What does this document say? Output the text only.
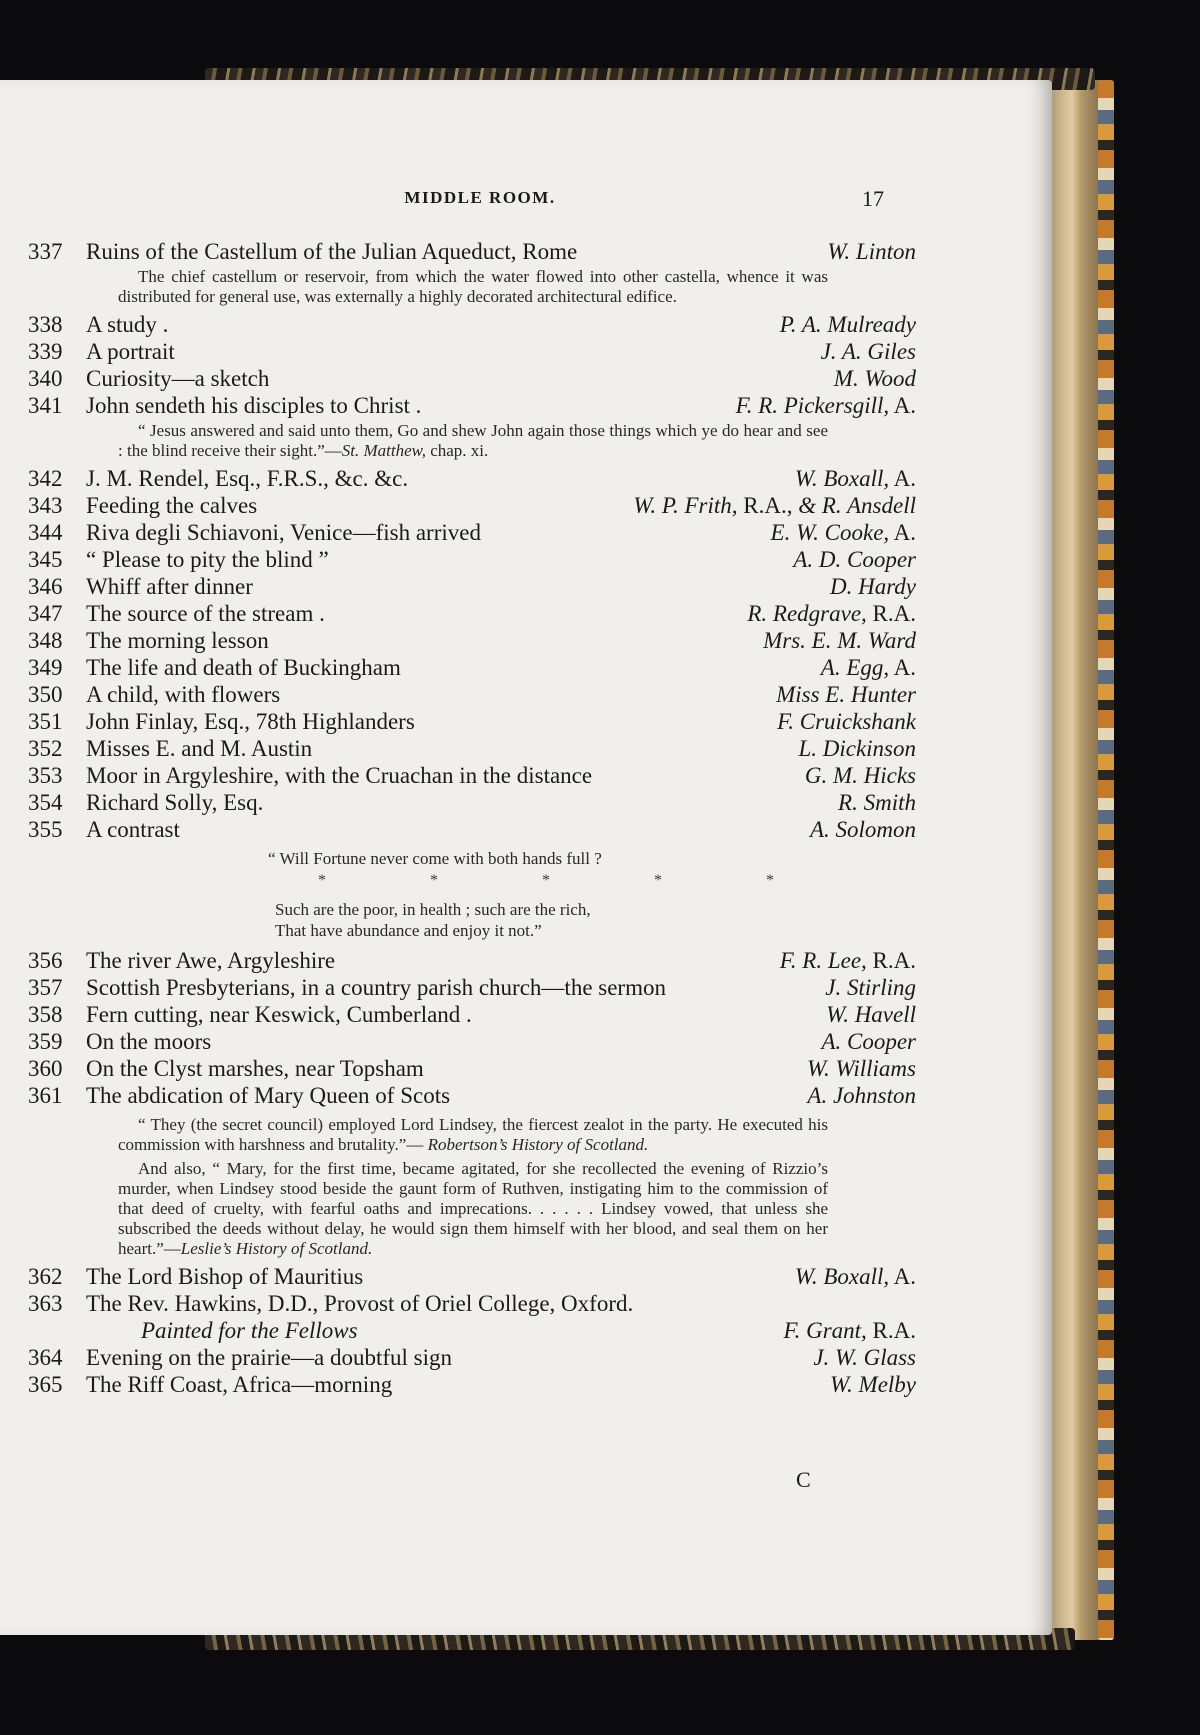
MIDDLE ROOM.	17
337	Ruins of the Castellum of the Julian Aqueduct, Rome	W. Linton
The chief castellum or reservoir, from which the water flowed into other castella, whence it was distributed for general use, was externally a highly decorated architectural edifice.
338	A study .	P. A. Mulready
339	A portrait	J. A. Giles
340	Curiosity—a sketch	M. Wood
341	John sendeth his disciples to Christ .	F. R. Pickersgill, A.
“ Jesus answered and said unto them, Go and shew John again those things which ye do hear and see : the blind receive their sight.”—St. Matthew, chap. xi.
342	J. M. Rendel, Esq., F.R.S., &c. &c.	W. Boxall, A.
343	Feeding the calves	W. P. Frith, R.A., & R. Ansdell
344	Riva degli Schiavoni, Venice—fish arrived	E. W. Cooke, A.
345	“ Please to pity the blind ”	A. D. Cooper
346	Whiff after dinner	D. Hardy
347	The source of the stream .	R. Redgrave, R.A.
348	The morning lesson	Mrs. E. M. Ward
349	The life and death of Buckingham	A. Egg, A.
350	A child, with flowers	Miss E. Hunter
351	John Finlay, Esq., 78th Highlanders	F. Cruickshank
352	Misses E. and M. Austin	L. Dickinson
353	Moor in Argyleshire, with the Cruachan in the distance	G. M. Hicks
354	Richard Solly, Esq.	R. Smith
355	A contrast	A. Solomon
“ Will Fortune never come with both hands full ?
* * * * *
Such are the poor, in health ; such are the rich,
That have abundance and enjoy it not.”
356	The river Awe, Argyleshire	F. R. Lee, R.A.
357	Scottish Presbyterians, in a country parish church—the sermon	J. Stirling
358	Fern cutting, near Keswick, Cumberland .	W. Havell
359	On the moors	A. Cooper
360	On the Clyst marshes, near Topsham	W. Williams
361	The abdication of Mary Queen of Scots	A. Johnston
“ They (the secret council) employed Lord Lindsey, the fiercest zealot in the party. He executed his commission with harshness and brutality.”— Robertson’s History of Scotland.
And also, “ Mary, for the first time, became agitated, for she recollected the evening of Rizzio’s murder, when Lindsey stood beside the gaunt form of Ruthven, instigating him to the commission of that deed of cruelty, with fearful oaths and imprecations. . . . . . Lindsey vowed, that unless she subscribed the deeds without delay, he would sign them himself with her blood, and seal them on her heart.”—Leslie’s History of Scotland.
362	The Lord Bishop of Mauritius	W. Boxall, A.
363	The Rev. Hawkins, D.D., Provost of Oriel College, Oxford.
Painted for the Fellows	F. Grant, R.A.
364	Evening on the prairie—a doubtful sign	J. W. Glass
365	The Riff Coast, Africa—morning	W. Melby
C
